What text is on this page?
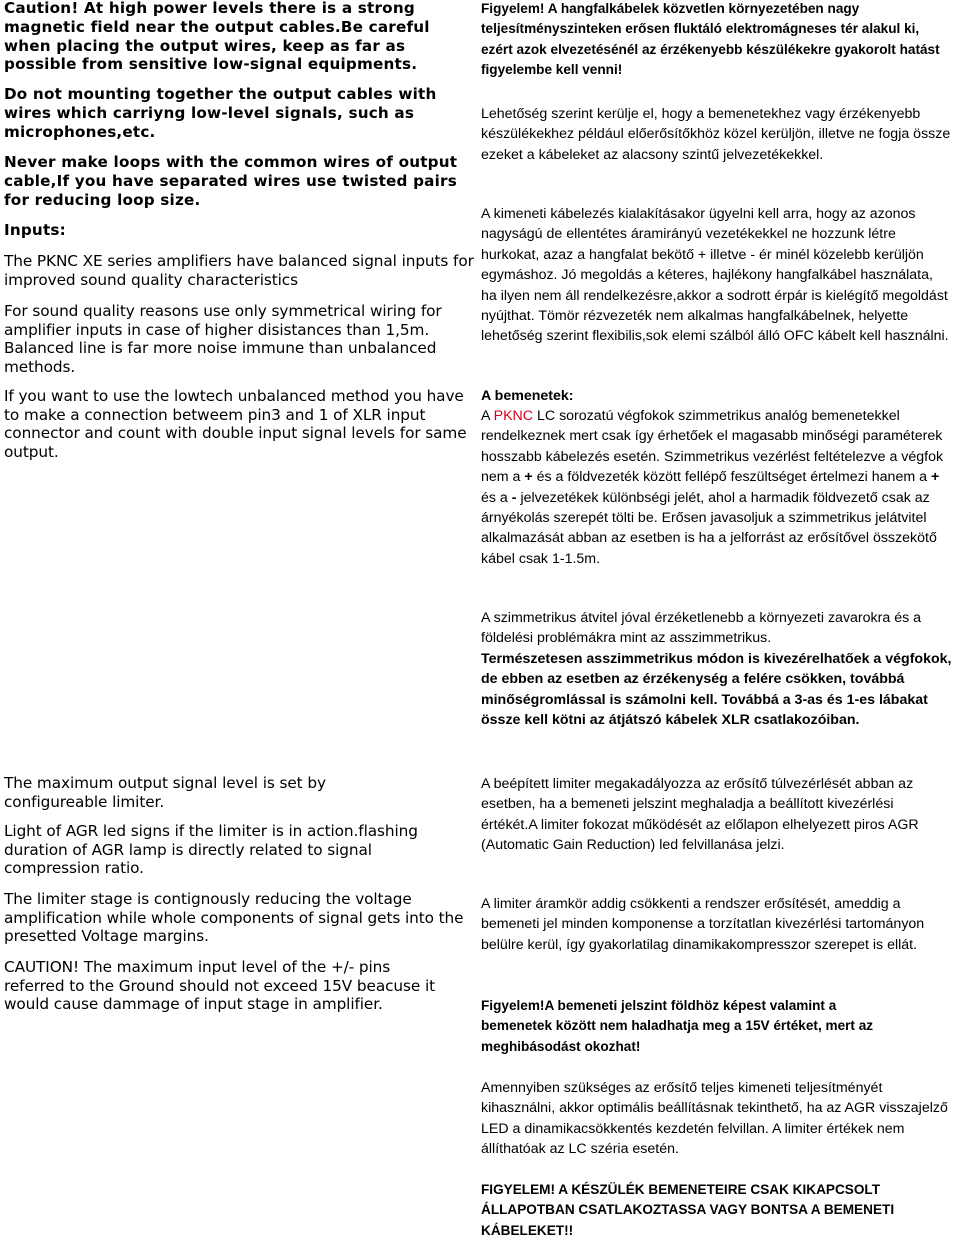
Caution! At high power levels there is a strong magnetic field near the output cables.Be careful when placing the output wires, keep as far as possible from sensitive low-signal equipments.

Do not mounting together the output cables with wires which carriyng low-level signals, such as microphones,etc.

Never make loops with the common wires of output cable,If you have separated wires use twisted pairs for reducing loop size.

Inputs:

The PKNC XE series amplifiers have balanced signal inputs for improved sound quality characteristics

For sound quality reasons use only symmetrical wiring for amplifier inputs in case of higher disistances than 1,5m. Balanced line is far more noise immune than unbalanced methods.

If you want to use the lowtech unbalanced method you have to make a connection betweem pin3 and 1 of XLR input connector and count with double input signal levels for same output.

The maximum output signal level is set by configureable limiter.

Light of AGR led signs if the limiter is in action.flashing duration of AGR lamp is directly related to signal compression ratio.

The limiter stage is contignously reducing the voltage amplification while whole components of signal gets into the presetted Voltage margins.

CAUTION! The maximum input level of the +/- pins referred to the Ground should not exceed 15V beacuse it would cause dammage of input stage in amplifier.

Figyelem! A hangfalkábelek közvetlen környezetében nagy teljesítményszinteken erősen fluktáló elektromágneses tér alakul ki, ezért azok elvezetésénél az érzékenyebb készülékekre gyakorolt hatást figyelembe kell venni!

Lehetőség szerint kerülje el, hogy a bemenetekhez vagy érzékenyebb készülékekhez például előerősítőkhöz közel kerüljön, illetve ne fogja össze ezeket a kábeleket az alacsony szintű jelvezetékekkel.

A kimeneti kábelezés kialakításakor ügyelni kell arra, hogy az azonos nagyságú de ellentétes áramirányú vezetékekkel ne hozzunk létre hurkokat, azaz a hangfalat bekötő + illetve - ér minél közelebb kerüljön egymáshoz. Jó megoldás a kéteres, hajlékony hangfalkábel használata, ha ilyen nem áll rendelkezésre,akkor a sodrott érpár is kielégítő megoldást nyújthat. Tömör rézvezeték nem alkalmas hangfalkábelnek, helyette lehetőség szerint flexibilis,sok elemi szálból álló OFC kábelt kell használni.

A bemenetek:

A PKNC LC sorozatú végfokok szimmetrikus analóg bemenetekkel rendelkeznek mert csak így érhetőek el magasabb minőségi paraméterek hosszabb kábelezés esetén. Szimmetrikus vezérlést feltételezve a végfok nem a + és a földvezeték között fellépő feszültséget értelmezi hanem a + és a - jelvezetékek különbségi jelét, ahol a harmadik földvezető csak az árnyékolás szerepét tölti be. Erősen javasoljuk a szimmetrikus jelátvitel alkalmazását abban az esetben is ha a jelforrást az erősítővel összekötő kábel csak 1-1.5m.

A szimmetrikus átvitel jóval érzéketlenebb a környezeti zavarokra és a földelési problémákra mint az asszimmetrikus.

Természetesen asszimmetrikus módon is kivezérelhatőek a végfokok, de ebben az esetben az érzékenység a felére csökken, továbbá minőségromlással is számolni kell. Továbbá a 3-as és 1-es lábakat össze kell kötni az átjátszó kábelek XLR csatlakozóiban.

A beépített limiter megakadályozza az erősítő túlvezérlését abban az esetben, ha a bemeneti jelszint meghaladja a beállított kivezérlési értékét.A limiter fokozat működését az előlapon elhelyezett piros AGR (Automatic Gain Reduction) led felvillanása jelzi.

A limiter áramkör addig csökkenti a rendszer erősítését, ameddig a bemeneti jel minden komponense a torzítatlan kivezérlési tartományon belülre kerül, így gyakorlatilag dinamikakompresszor szerepet is ellát.

Figyelem!A bemeneti jelszint földhöz képest valamint a bemenetek között nem haladhatja meg a 15V értéket, mert az meghibásodást okozhat!

Amennyiben szükséges az erősítő teljes kimeneti teljesítményét kihasználni, akkor optimális beállításnak tekinthető, ha az AGR visszajelző LED a dinamikacsökkentés kezdetén felvillan. A limiter értékek nem állíthatóak az LC széria esetén.

FIGYELEM! A KÉSZÜLÉK BEMENETEIRE CSAK KIKAPCSOLT ÁLLAPOTBAN CSATLAKOZTASSA VAGY BONTSA A BEMENETI KÁBELEKET!!
